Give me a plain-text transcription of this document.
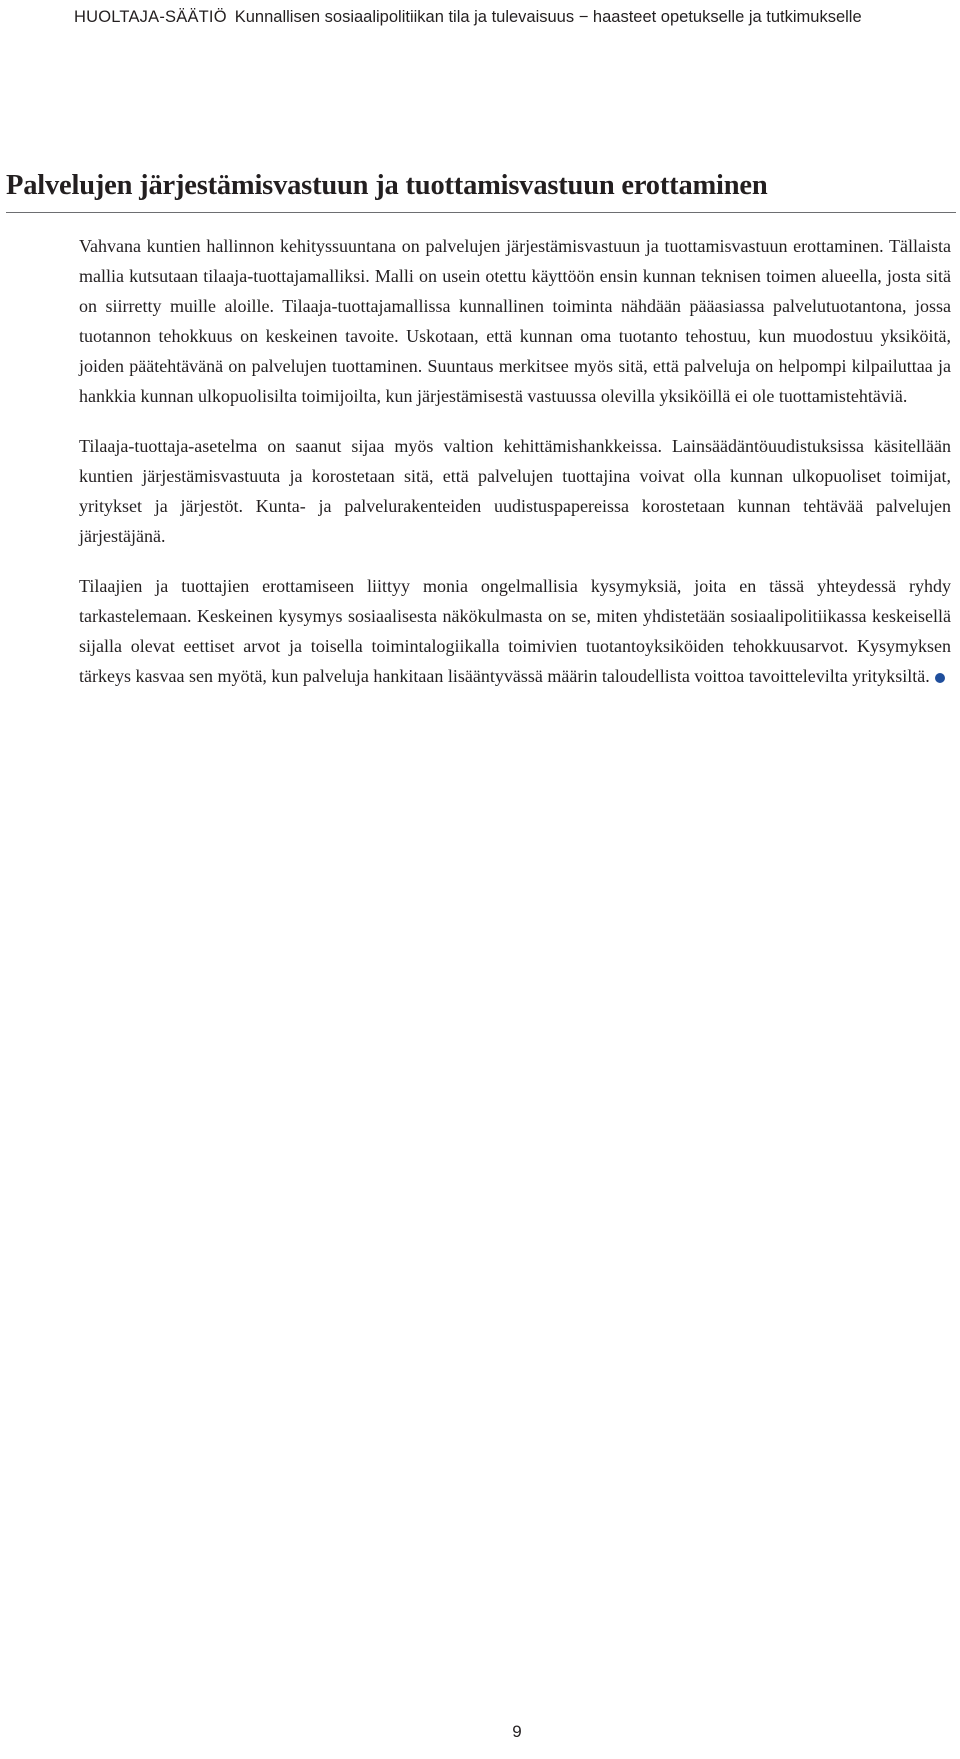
HUOLTAJA-SÄÄTIÖ Kunnallisen sosiaalipolitiikan tila ja tulevaisuus − haasteet opetukselle ja tutkimukselle
Palvelujen järjestämisvastuun ja tuottamisvastuun erottaminen

Vahvana kuntien hallinnon kehityssuuntana on palvelujen järjestämisvastuun ja tuottamisvastuun erottaminen. Tällaista mallia kutsutaan tilaaja-tuottajamalliksi. Malli on usein otettu käyttöön ensin kunnan teknisen toimen alueella, josta sitä on siirretty muille aloille. Tilaaja-tuottajamallissa kunnallinen toiminta nähdään pääasiassa palvelutuotantona, jossa tuotannon tehokkuus on keskeinen tavoite. Uskotaan, että kunnan oma tuotanto tehostuu, kun muodostuu yksiköitä, joiden päätehtävänä on palvelujen tuottaminen. Suuntaus merkitsee myös sitä, että palveluja on helpompi kilpailuttaa ja hankkia kunnan ulkopuolisilta toimijoilta, kun järjestämisestä vastuussa olevilla yksiköillä ei ole tuottamistehtäviä.

Tilaaja-tuottaja-asetelma on saanut sijaa myös valtion kehittämishankkeissa. Lainsäädäntöuudistuksissa käsitellään kuntien järjestämisvastuuta ja korostetaan sitä, että palvelujen tuottajina voivat olla kunnan ulkopuoliset toimijat, yritykset ja järjestöt. Kunta- ja palvelurakenteiden uudistuspapereissa korostetaan kunnan tehtävää palvelujen järjestäjänä.

Tilaajien ja tuottajien erottamiseen liittyy monia ongelmallisia kysymyksiä, joita en tässä yhteydessä ryhdy tarkastelemaan. Keskeinen kysymys sosiaalisesta näkökulmasta on se, miten yhdistetään sosiaalipolitiikassa keskeisellä sijalla olevat eettiset arvot ja toisella toimintalogiikalla toimivien tuotantoyksiköiden tehokkuusarvot. Kysymyksen tärkeys kasvaa sen myötä, kun palveluja hankitaan lisääntyvässä määrin taloudellista voittoa tavoittelevilta yrityksiltä.

9
